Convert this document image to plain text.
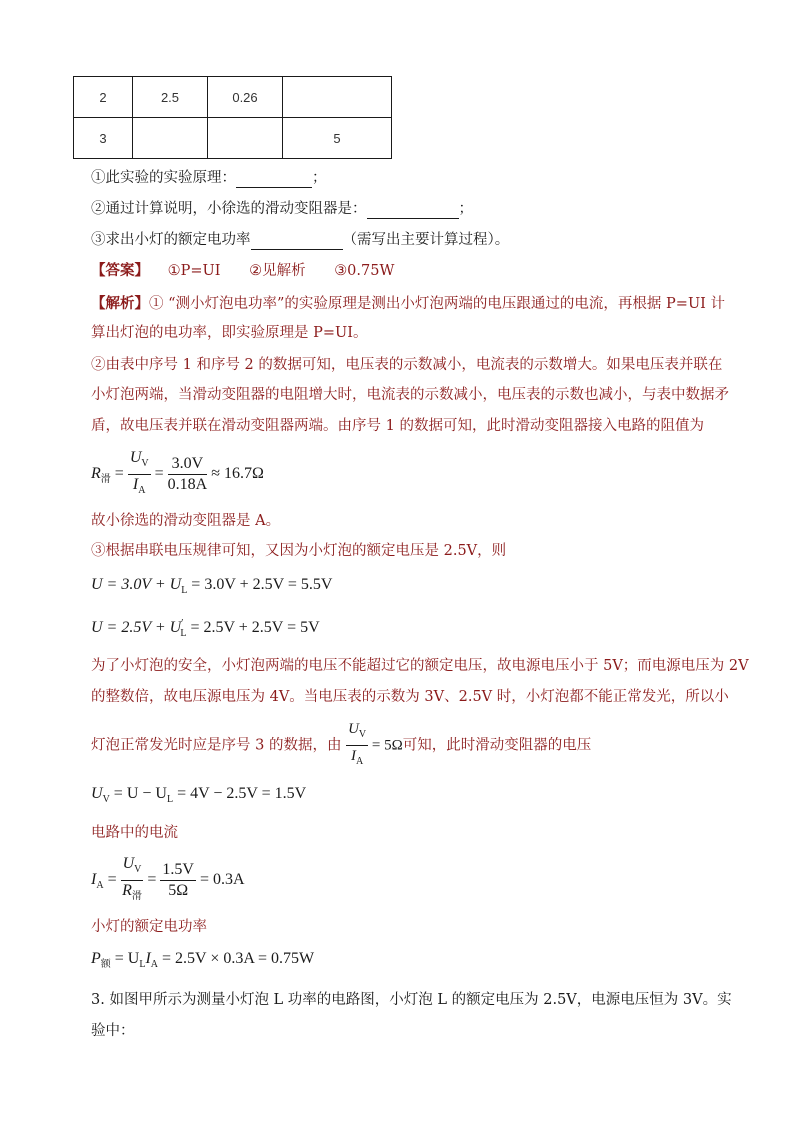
2	2.5	0.26	
3			5
①此实验的实验原理：	；
②通过计算说明，小徐选的滑动变阻器是：	；
③求出小灯的额定电功率	（需写出主要计算过程）。
【答案】 ①P=UI ②见解析 ③0.75W
【解析】① “测小灯泡电功率”的实验原理是测出小灯泡两端的电压跟通过的电流，再根据 P=UI 计
算出灯泡的电功率，即实验原理是 P=UI。
②由表中序号 1 和序号 2 的数据可知，电压表的示数减小，电流表的示数增大。如果电压表并联在
小灯泡两端，当滑动变阻器的电阻增大时，电流表的示数减小，电压表的示数也减小，与表中数据矛
盾，故电压表并联在滑动变阻器两端。由序号 1 的数据可知，此时滑动变阻器接入电路的阻值为
$R_滑 = \frac{U_V}{I_A} = \frac{3.0V}{0.18A} \approx 16.7\Omega$
故小徐选的滑动变阻器是 A。
③根据串联电压规律可知，又因为小灯泡的额定电压是 2.5V，则
$U = 3.0V + U_L = 3.0V + 2.5V = 5.5V$
$U = 2.5V + U'_L = 2.5V + 2.5V = 5V$
为了小灯泡的安全，小灯泡两端的电压不能超过它的额定电压，故电源电压小于 5V；而电源电压为 2V
的整数倍，故电压源电压为 4V。当电压表的示数为 3V、2.5V 时，小灯泡都不能正常发光，所以小
灯泡正常发光时应是序号 3 的数据，由 $\frac{U_V}{I_A} = 5\Omega$可知，此时滑动变阻器的电压
$U_V = U - U_L = 4V - 2.5V = 1.5V$
电路中的电流
$I_A = \frac{U_V}{R_滑} = \frac{1.5V}{5\Omega} = 0.3A$
小灯的额定电功率
$P_额 = U_LI_A = 2.5V \times 0.3A = 0.75W$
3. 如图甲所示为测量小灯泡 L 功率的电路图，小灯泡 L 的额定电压为 2.5V，电源电压恒为 3V。实
验中：
